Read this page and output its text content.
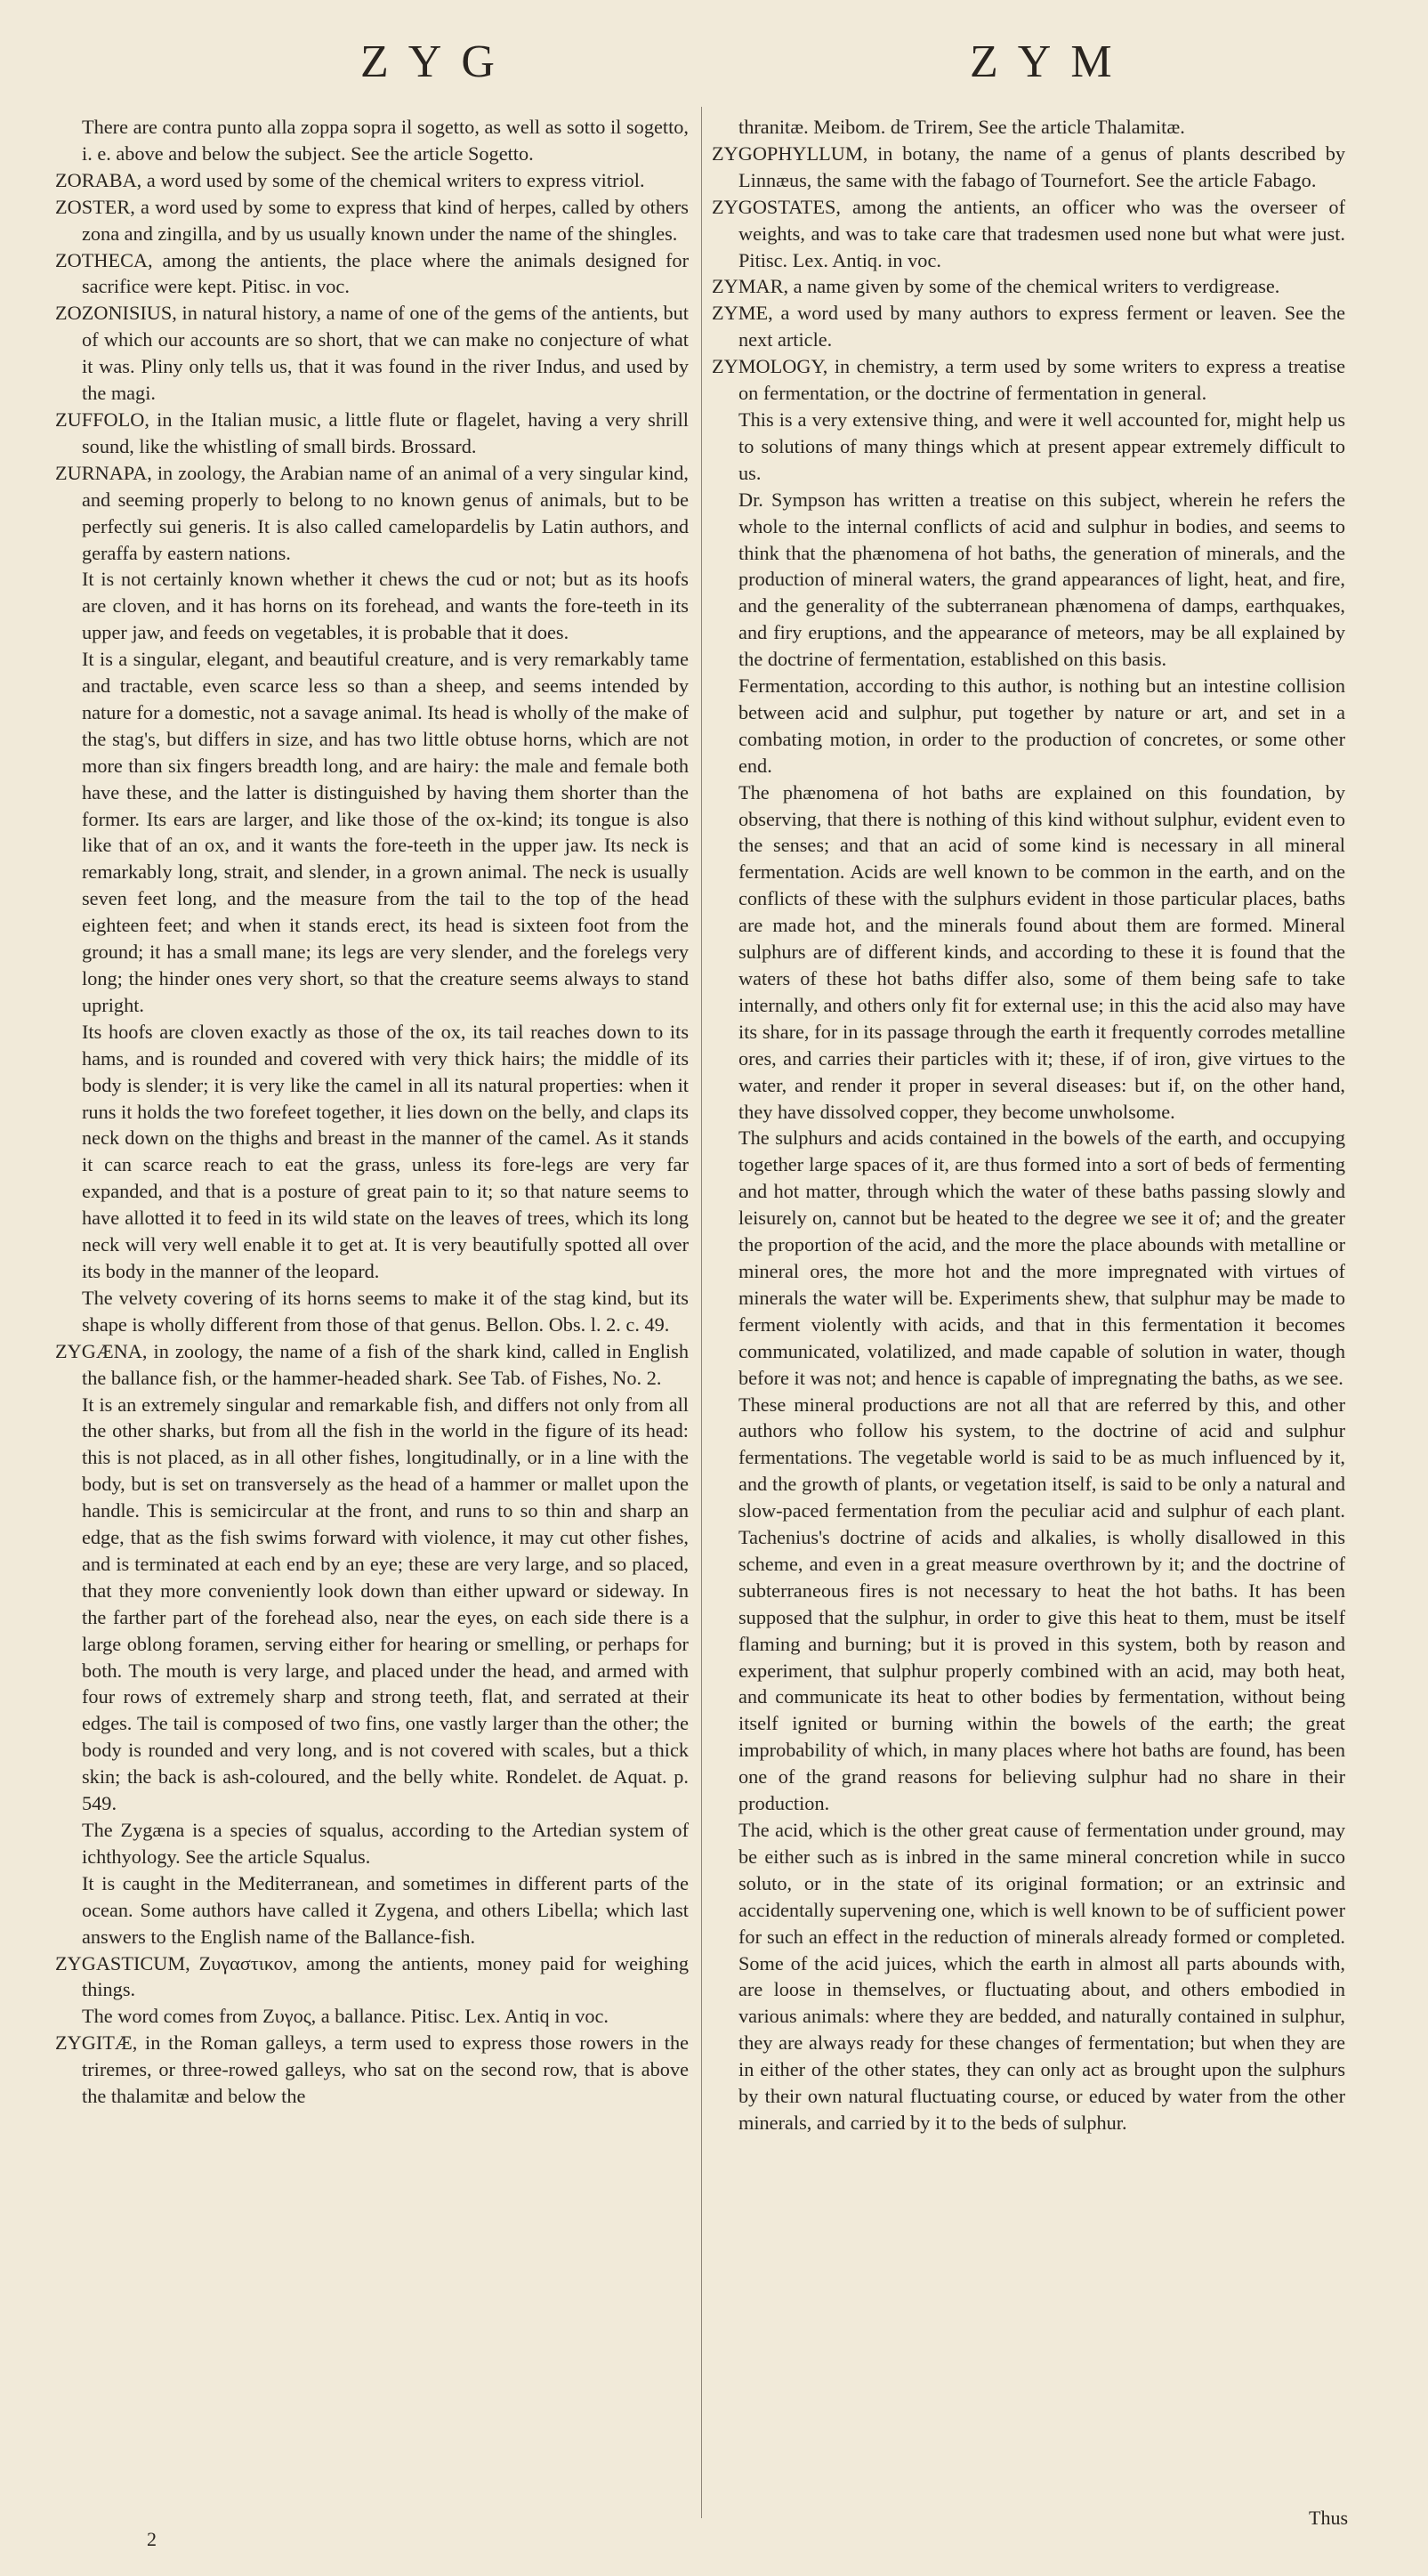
ZYG	ZYM

There are contra punto alla zoppa sopra il sogetto, as well as sotto il sogetto, i. e. above and below the subject. See the article Sogetto.

ZORABA, a word used by some of the chemical writers to express vitriol.

ZOSTER, a word used by some to express that kind of herpes, called by others zona and zingilla, and by us usually known under the name of the shingles.

ZOTHECA, among the antients, the place where the animals designed for sacrifice were kept. Pitisc. in voc.

ZOZONISIUS, in natural history, a name of one of the gems of the antients, but of which our accounts are so short, that we can make no conjecture of what it was. Pliny only tells us, that it was found in the river Indus, and used by the magi.

ZUFFOLO, in the Italian music, a little flute or flagelet, having a very shrill sound, like the whistling of small birds. Brossard.

ZURNAPA, in zoology, the Arabian name of an animal of a very singular kind, and seeming properly to belong to no known genus of animals, but to be perfectly sui generis. It is also called camelopardelis by Latin authors, and geraffa by eastern nations.

It is not certainly known whether it chews the cud or not; but as its hoofs are cloven, and it has horns on its forehead, and wants the fore-teeth in its upper jaw, and feeds on vegetables, it is probable that it does.

It is a singular, elegant, and beautiful creature, and is very remarkably tame and tractable, even scarce less so than a sheep, and seems intended by nature for a domestic, not a savage animal. Its head is wholly of the make of the stag's, but differs in size, and has two little obtuse horns, which are not more than six fingers breadth long, and are hairy: the male and female both have these, and the latter is distinguished by having them shorter than the former. Its ears are larger, and like those of the ox-kind; its tongue is also like that of an ox, and it wants the fore-teeth in the upper jaw. Its neck is remarkably long, strait, and slender, in a grown animal. The neck is usually seven feet long, and the measure from the tail to the top of the head eighteen feet; and when it stands erect, its head is sixteen foot from the ground; it has a small mane; its legs are very slender, and the forelegs very long; the hinder ones very short, so that the creature seems always to stand upright.

Its hoofs are cloven exactly as those of the ox, its tail reaches down to its hams, and is rounded and covered with very thick hairs; the middle of its body is slender; it is very like the camel in all its natural properties: when it runs it holds the two forefeet together, it lies down on the belly, and claps its neck down on the thighs and breast in the manner of the camel. As it stands it can scarce reach to eat the grass, unless its fore-legs are very far expanded, and that is a posture of great pain to it; so that nature seems to have allotted it to feed in its wild state on the leaves of trees, which its long neck will very well enable it to get at. It is very beautifully spotted all over its body in the manner of the leopard.

The velvety covering of its horns seems to make it of the stag kind, but its shape is wholly different from those of that genus. Bellon. Obs. l. 2. c. 49.

ZYGÆNA, in zoology, the name of a fish of the shark kind, called in English the ballance fish, or the hammer-headed shark. See Tab. of Fishes, No. 2.

It is an extremely singular and remarkable fish, and differs not only from all the other sharks, but from all the fish in the world in the figure of its head: this is not placed, as in all other fishes, longitudinally, or in a line with the body, but is set on transversely as the head of a hammer or mallet upon the handle. This is semicircular at the front, and runs to so thin and sharp an edge, that as the fish swims forward with violence, it may cut other fishes, and is terminated at each end by an eye; these are very large, and so placed, that they more conveniently look down than either upward or sideway. In the farther part of the forehead also, near the eyes, on each side there is a large oblong foramen, serving either for hearing or smelling, or perhaps for both. The mouth is very large, and placed under the head, and armed with four rows of extremely sharp and strong teeth, flat, and serrated at their edges. The tail is composed of two fins, one vastly larger than the other; the body is rounded and very long, and is not covered with scales, but a thick skin; the back is ash-coloured, and the belly white. Rondelet. de Aquat. p. 549.

The Zygæna is a species of squalus, according to the Artedian system of ichthyology. See the article Squalus.

It is caught in the Mediterranean, and sometimes in different parts of the ocean. Some authors have called it Zygena, and others Libella; which last answers to the English name of the Ballance-fish.

ZYGASTICUM, Ζυγαστικον, among the antients, money paid for weighing things.

The word comes from Ζυγος, a ballance. Pitisc. Lex. Antiq in voc.

ZYGITÆ, in the Roman galleys, a term used to express those rowers in the triremes, or three-rowed galleys, who sat on the second row, that is above the thalamitæ and below the

thranitæ. Meibom. de Trirem, See the article Thalamitæ.

ZYGOPHYLLUM, in botany, the name of a genus of plants described by Linnæus, the same with the fabago of Tournefort. See the article Fabago.

ZYGOSTATES, among the antients, an officer who was the overseer of weights, and was to take care that tradesmen used none but what were just. Pitisc. Lex. Antiq. in voc.

ZYMAR, a name given by some of the chemical writers to verdigrease.

ZYME, a word used by many authors to express ferment or leaven. See the next article.

ZYMOLOGY, in chemistry, a term used by some writers to express a treatise on fermentation, or the doctrine of fermentation in general.

This is a very extensive thing, and were it well accounted for, might help us to solutions of many things which at present appear extremely difficult to us.

Dr. Sympson has written a treatise on this subject, wherein he refers the whole to the internal conflicts of acid and sulphur in bodies, and seems to think that the phænomena of hot baths, the generation of minerals, and the production of mineral waters, the grand appearances of light, heat, and fire, and the generality of the subterranean phænomena of damps, earthquakes, and firy eruptions, and the appearance of meteors, may be all explained by the doctrine of fermentation, established on this basis.

Fermentation, according to this author, is nothing but an intestine collision between acid and sulphur, put together by nature or art, and set in a combating motion, in order to the production of concretes, or some other end.

The phænomena of hot baths are explained on this foundation, by observing, that there is nothing of this kind without sulphur, evident even to the senses; and that an acid of some kind is necessary in all mineral fermentation. Acids are well known to be common in the earth, and on the conflicts of these with the sulphurs evident in those particular places, baths are made hot, and the minerals found about them are formed. Mineral sulphurs are of different kinds, and according to these it is found that the waters of these hot baths differ also, some of them being safe to take internally, and others only fit for external use; in this the acid also may have its share, for in its passage through the earth it frequently corrodes metalline ores, and carries their particles with it; these, if of iron, give virtues to the water, and render it proper in several diseases: but if, on the other hand, they have dissolved copper, they become unwholsome.

The sulphurs and acids contained in the bowels of the earth, and occupying together large spaces of it, are thus formed into a sort of beds of fermenting and hot matter, through which the water of these baths passing slowly and leisurely on, cannot but be heated to the degree we see it of; and the greater the proportion of the acid, and the more the place abounds with metalline or mineral ores, the more hot and the more impregnated with virtues of minerals the water will be. Experiments shew, that sulphur may be made to ferment violently with acids, and that in this fermentation it becomes communicated, volatilized, and made capable of solution in water, though before it was not; and hence is capable of impregnating the baths, as we see.

These mineral productions are not all that are referred by this, and other authors who follow his system, to the doctrine of acid and sulphur fermentations. The vegetable world is said to be as much influenced by it, and the growth of plants, or vegetation itself, is said to be only a natural and slow-paced fermentation from the peculiar acid and sulphur of each plant. Tachenius's doctrine of acids and alkalies, is wholly disallowed in this scheme, and even in a great measure overthrown by it; and the doctrine of subterraneous fires is not necessary to heat the hot baths. It has been supposed that the sulphur, in order to give this heat to them, must be itself flaming and burning; but it is proved in this system, both by reason and experiment, that sulphur properly combined with an acid, may both heat, and communicate its heat to other bodies by fermentation, without being itself ignited or burning within the bowels of the earth; the great improbability of which, in many places where hot baths are found, has been one of the grand reasons for believing sulphur had no share in their production.

The acid, which is the other great cause of fermentation under ground, may be either such as is inbred in the same mineral concretion while in succo soluto, or in the state of its original formation; or an extrinsic and accidentally supervening one, which is well known to be of sufficient power for such an effect in the reduction of minerals already formed or completed. Some of the acid juices, which the earth in almost all parts abounds with, are loose in themselves, or fluctuating about, and others embodied in various animals: where they are bedded, and naturally contained in sulphur, they are always ready for these changes of fermentation; but when they are in either of the other states, they can only act as brought upon the sulphurs by their own natural fluctuating course, or educed by water from the other minerals, and carried by it to the beds of sulphur.

Thus
2
